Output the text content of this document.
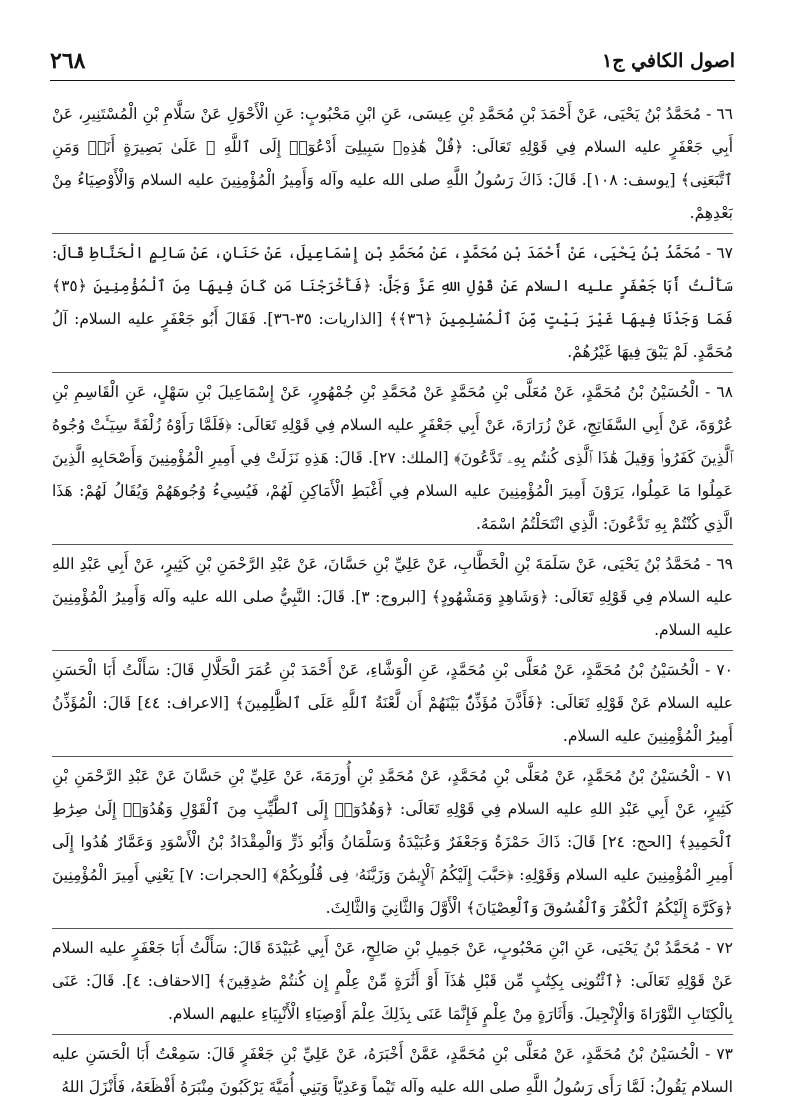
٢٦٨	اصول الكافي ج١

٦٦ - مُحَمَّدُ بْنُ يَحْيَى، عَنْ أَحْمَدَ بْنِ مُحَمَّدِ بْنِ عِيسَى، عَنِ ابْنِ مَحْبُوبٍ: عَنِ الْأَحْوَلِ عَنْ سَلَّامِ بْنِ الْمُسْتَنِيرِ، عَنْ أَبِي جَعْفَرٍ عليه السلام فِي قَوْلِهِ تَعَالَى: ﴿قُلْ هَٰذِهِۦ سَبِيلِىٓ أَدْعُوٓا۟ إِلَى ٱللَّهِ ۚ عَلَىٰ بَصِيرَةٍ أَنَا۠ وَمَنِ ٱتَّبَعَنِى﴾ [يوسف: ١٠٨]. قَالَ: ذَاكَ رَسُولُ اللَّهِ صلى الله عليه وآله وَأَمِيرُ الْمُؤْمِنِينَ عليه السلام وَالْأَوْصِيَاءُ مِنْ بَعْدِهِمْ.

٦٧ - مُحَمَّدُ بْنُ يَحْيَى، عَنْ أَحْمَدَ بْنِ مُحَمَّدٍ، عَنْ مُحَمَّدِ بْنِ إِسْمَاعِيلَ، عَنْ حَنَانٍ، عَنْ سَالِمٍ الْحَنَّاطِ قَالَ: سَأَلْتُ أَبَا جَعْفَرٍ عليه السلام عَنْ قَوْلِ اللهِ عَزَّ وَجَلَّ: ﴿فَأَخْرَجْنَا مَن كَانَ فِيهَا مِنَ ٱلْمُؤْمِنِينَ ﴿٣٥﴾ فَمَا وَجَدْنَا فِيهَا غَيْرَ بَيْتٍ مِّنَ ٱلْمُسْلِمِينَ ﴿٣٦﴾﴾ [الذاريات: ٣٥-٣٦]. فَقَالَ أَبُو جَعْفَرٍ عليه السلام: آلُ مُحَمَّدٍ. لَمْ يَبْقَ فِيهَا غَيْرُهُمْ.

٦٨ - الْحُسَيْنُ بْنُ مُحَمَّدٍ، عَنْ مُعَلَّى بْنِ مُحَمَّدٍ عَنْ مُحَمَّدِ بْنِ جُمْهُورٍ، عَنْ إِسْمَاعِيلَ بْنِ سَهْلٍ، عَنِ الْقَاسِمِ بْنِ عُرْوَةَ، عَنْ أَبِي السَّفَاتِجِ، عَنْ زُرَارَةَ، عَنْ أَبِي جَعْفَرٍ عليه السلام فِي قَوْلِهِ تَعَالَى: ﴿فَلَمَّا رَأَوْهُ زُلْفَةً سِيٓـَٔتْ وُجُوهُ ٱلَّذِينَ كَفَرُوا۟ وَقِيلَ هَٰذَا ٱلَّذِى كُنتُم بِهِۦ تَدَّعُونَ﴾ [الملك: ٢٧]. قَالَ: هَذِهِ نَزَلَتْ فِي أَمِيرِ الْمُؤْمِنِينَ وَأَصْحَابِهِ الَّذِينَ عَمِلُوا مَا عَمِلُوا، يَرَوْنَ أَمِيرَ الْمُؤْمِنِينَ عليه السلام فِي أَغْبَطِ الْأَمَاكِنِ لَهُمْ، فَيُسِيءُ وُجُوهَهُمْ وَيُقَالُ لَهُمْ: هَذَا الَّذِي كُنْتُمْ بِهِ تَدَّعُونَ: الَّذِي انْتَحَلْتُمُ اسْمَهُ.

٦٩ - مُحَمَّدُ بْنُ يَحْيَى، عَنْ سَلَمَةَ بْنِ الْخَطَّابِ، عَنْ عَلِيِّ بْنِ حَسَّانَ، عَنْ عَبْدِ الرَّحْمَنِ بْنِ كَثِيرٍ، عَنْ أَبِي عَبْدِ اللهِ عليه السلام فِي قَوْلِهِ تَعَالَى: ﴿وَشَاهِدٍ وَمَشْهُودٍ﴾ [البروج: ٣]. قَالَ: النَّبِيُّ صلى الله عليه وآله وَأَمِيرُ الْمُؤْمِنِينَ عليه السلام.

٧٠ - الْحُسَيْنُ بْنُ مُحَمَّدٍ، عَنْ مُعَلَّى بْنِ مُحَمَّدٍ، عَنِ الْوَشَّاءِ، عَنْ أَحْمَدَ بْنِ عُمَرَ الْحَلَّالِ قَالَ: سَأَلْتُ أَبَا الْحَسَنِ عليه السلام عَنْ قَوْلِهِ تَعَالَى: ﴿فَأَذَّنَ مُؤَذِّنٌۢ بَيْنَهُمْ أَن لَّعْنَةُ ٱللَّهِ عَلَى ٱلظَّٰلِمِينَ﴾ [الاعراف: ٤٤] قَالَ: الْمُؤَذِّنُ أَمِيرُ الْمُؤْمِنِينَ عليه السلام.

٧١ - الْحُسَيْنُ بْنُ مُحَمَّدٍ، عَنْ مُعَلَّى بْنِ مُحَمَّدٍ، عَنْ مُحَمَّدِ بْنِ أُورَمَةَ، عَنْ عَلِيِّ بْنِ حَسَّانَ عَنْ عَبْدِ الرَّحْمَنِ بْنِ كَثِيرٍ، عَنْ أَبِي عَبْدِ اللهِ عليه السلام فِي قَوْلِهِ تَعَالَى: ﴿وَهُدُوٓا۟ إِلَى ٱلطَّيِّبِ مِنَ ٱلْقَوْلِ وَهُدُوٓا۟ إِلَىٰ صِرَٰطِ ٱلْحَمِيدِ﴾ [الحج: ٢٤] قَالَ: ذَاكَ حَمْزَةُ وَجَعْفَرٌ وَعُبَيْدَةُ وَسَلْمَانُ وَأَبُو ذَرٍّ وَالْمِقْدَادُ بْنُ الْأَسْوَدِ وَعَمَّارٌ هُدُوا إِلَى أَمِيرِ الْمُؤْمِنِينَ عليه السلام وَقَوْلِهِ: ﴿حَبَّبَ إِلَيْكُمُ ٱلْإِيمَٰنَ وَزَيَّنَهُۥ فِى قُلُوبِكُمْ﴾ [الحجرات: ٧] يَعْنِي أَمِيرَ الْمُؤْمِنِينَ ﴿وَكَرَّهَ إِلَيْكُمُ ٱلْكُفْرَ وَٱلْفُسُوقَ وَٱلْعِصْيَانَ﴾ الْأَوَّلَ وَالثَّانِيَ وَالثَّالِثَ.

٧٢ - مُحَمَّدُ بْنُ يَحْيَى، عَنِ ابْنِ مَحْبُوبٍ، عَنْ جَمِيلِ بْنِ صَالِحٍ، عَنْ أَبِي عُبَيْدَةَ قَالَ: سَأَلْتُ أَبَا جَعْفَرٍ عليه السلام عَنْ قَوْلِهِ تَعَالَى: ﴿ٱئْتُونِى بِكِتَٰبٍ مِّن قَبْلِ هَٰذَآ أَوْ أَثَٰرَةٍ مِّنْ عِلْمٍ إِن كُنتُمْ صَٰدِقِينَ﴾ [الاحقاف: ٤]. قَالَ: عَنَى بِالْكِتَابِ التَّوْرَاةَ وَالْإِنْجِيلَ. وَأَثَارَةٍ مِنْ عِلْمٍ فَإِنَّمَا عَنَى بِذَلِكَ عِلْمَ أَوْصِيَاءِ الْأَنْبِيَاءِ عليهم السلام.

٧٣ - الْحُسَيْنُ بْنُ مُحَمَّدٍ، عَنْ مُعَلَّى بْنِ مُحَمَّدٍ، عَمَّنْ أَخْبَرَهُ، عَنْ عَلِيِّ بْنِ جَعْفَرٍ قَالَ: سَمِعْتُ أَبَا الْحَسَنِ عليه السلام يَقُولُ: لَمَّا رَأَى رَسُولُ اللَّهِ صلى الله عليه وآله تَيْماً وَعَدِيّاً وَبَنِي أُمَيَّةَ يَرْكَبُونَ مِنْبَرَهُ أَفْظَعَهُ، فَأَنْزَلَ اللهُ
